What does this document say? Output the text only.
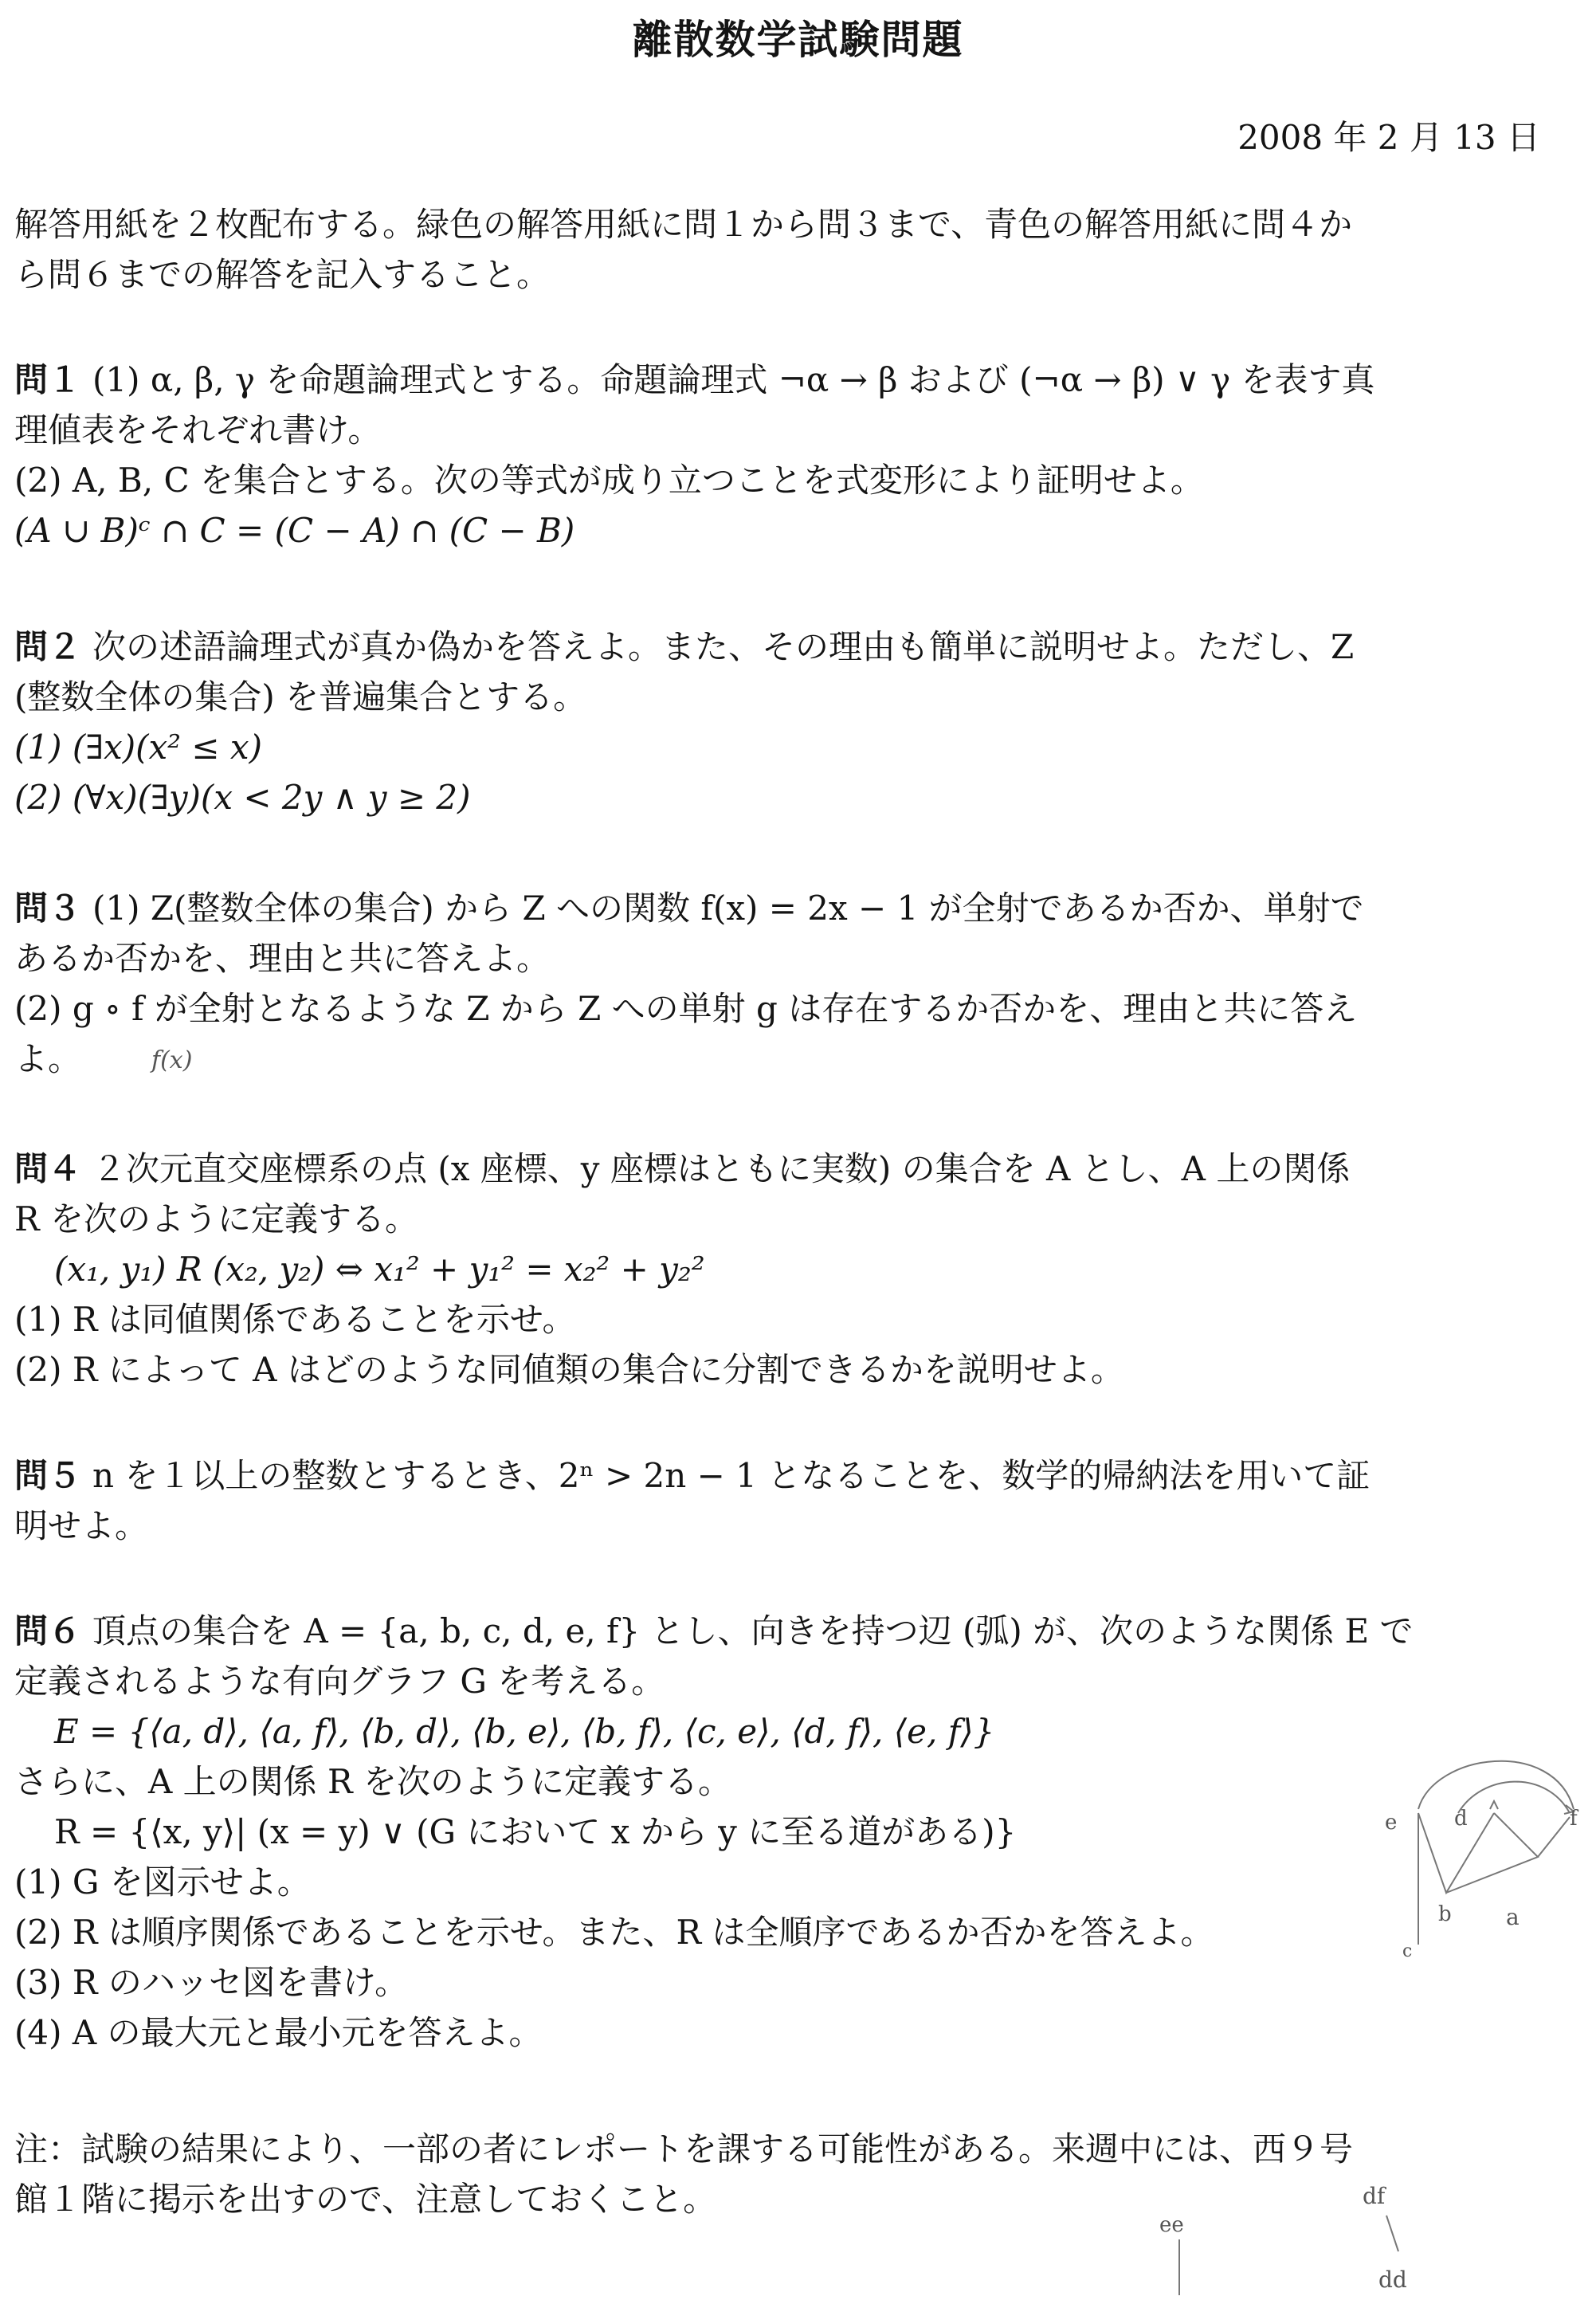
離散数学試験問題
2008 年 2 月 13 日
解答用紙を２枚配布する。緑色の解答用紙に問１から問３まで、青色の解答用紙に問４か
ら問６までの解答を記入すること。
問１ (1) α, β, γ を命題論理式とする。命題論理式 ¬α → β および (¬α → β) ∨ γ を表す真
理値表をそれぞれ書け。
(2) A, B, C を集合とする。次の等式が成り立つことを式変形により証明せよ。
(A ∪ B)ᶜ ∩ C = (C − A) ∩ (C − B)
問２ 次の述語論理式が真か偽かを答えよ。また、その理由も簡単に説明せよ。ただし、Z
(整数全体の集合) を普遍集合とする。
(1) (∃x)(x² ≤ x)
(2) (∀x)(∃y)(x < 2y ∧ y ≥ 2)
問３ (1) Z(整数全体の集合) から Z への関数 f(x) = 2x − 1 が全射であるか否か、単射で
あるか否かを、理由と共に答えよ。
(2) g ∘ f が全射となるような Z から Z への単射 g は存在するか否かを、理由と共に答え
よ。
問４ ２次元直交座標系の点 (x 座標、y 座標はともに実数) の集合を A とし、A 上の関係
R を次のように定義する。
(x₁, y₁) R (x₂, y₂) ⇔ x₁² + y₁² = x₂² + y₂²
(1) R は同値関係であることを示せ。
(2) R によって A はどのような同値類の集合に分割できるかを説明せよ。
問５ n を１以上の整数とするとき、2ⁿ > 2n − 1 となることを、数学的帰納法を用いて証
明せよ。
問６ 頂点の集合を A = {a, b, c, d, e, f} とし、向きを持つ辺 (弧) が、次のような関係 E で
定義されるような有向グラフ G を考える。
E = {⟨a, d⟩, ⟨a, f⟩, ⟨b, d⟩, ⟨b, e⟩, ⟨b, f⟩, ⟨c, e⟩, ⟨d, f⟩, ⟨e, f⟩}
さらに、A 上の関係 R を次のように定義する。
R = {⟨x, y⟩| (x = y) ∨ (G において x から y に至る道がある)}
(1) G を図示せよ。
(2) R は順序関係であることを示せ。また、R は全順序であるか否かを答えよ。
(3) R のハッセ図を書け。
(4) A の最大元と最小元を答えよ。
注：試験の結果により、一部の者にレポートを課する可能性がある。来週中には、西９号
館１階に掲示を出すので、注意しておくこと。
f(x)
e	d	f
b a
c
ee
df
dd
